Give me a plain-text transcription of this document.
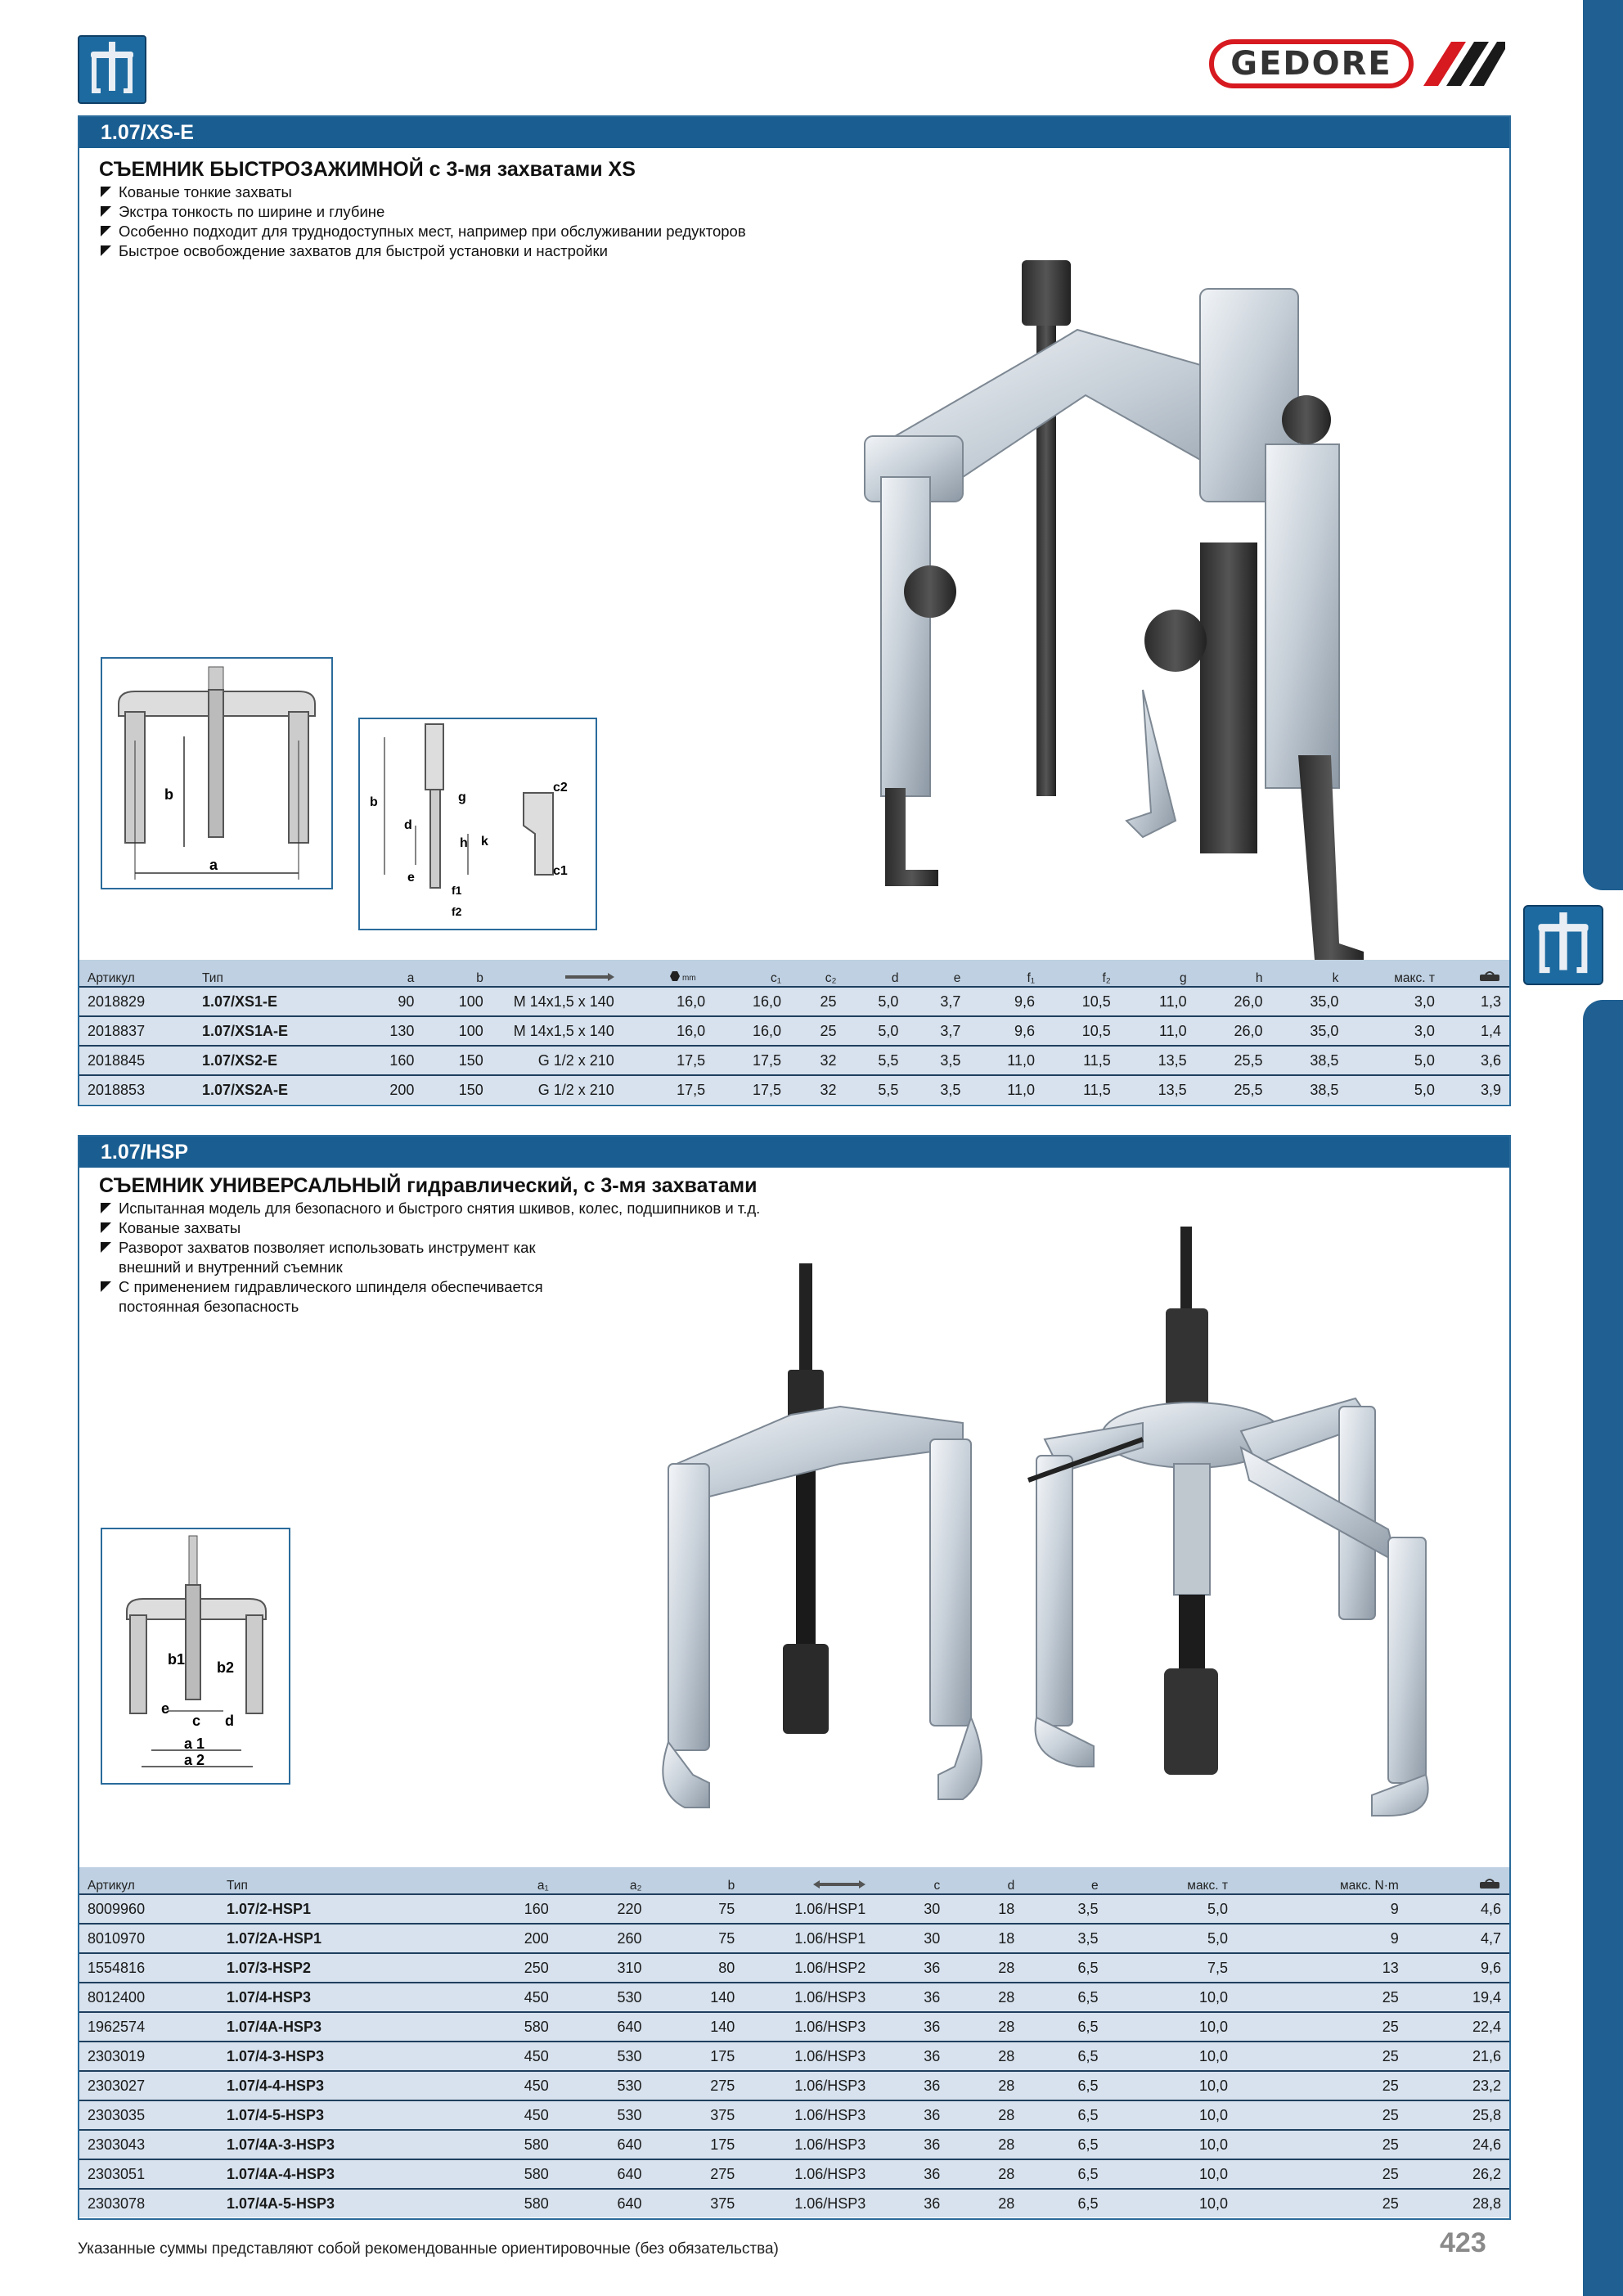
GEDORE
1.07/XS-E
СЪЕМНИК БЫСТРОЗАЖИМНОЙ с 3-мя захватами XS
Кованые тонкие захваты
Экстра тонкость по ширине и глубине
Особенно подходит для труднодоступных мест, например при обслуживании редукторов
Быстрое освобождение захватов для быстрой установки и настройки
a
b	b	g
d
h k
e
f1
f2
c2
c1
Артикул	Тип	a	b		mm	c₁	c₂	d	e	f₁	f₂	g	h	k	макс. т	
2018829	1.07/XS1-E	90	100	M 14x1,5 x 140	16,0	16,0	25	5,0	3,7	9,6	10,5	11,0	26,0	35,0	3,0	1,3
2018837	1.07/XS1A-E	130	100	M 14x1,5 x 140	16,0	16,0	25	5,0	3,7	9,6	10,5	11,0	26,0	35,0	3,0	1,4
2018845	1.07/XS2-E	160	150	G 1/2 x 210	17,5	17,5	32	5,5	3,5	11,0	11,5	13,5	25,5	38,5	5,0	3,6
2018853	1.07/XS2A-E	200	150	G 1/2 x 210	17,5	17,5	32	5,5	3,5	11,0	11,5	13,5	25,5	38,5	5,0	3,9
1.07/HSP
СЪЕМНИК УНИВЕРСАЛЬНЫЙ гидравлический, с 3-мя захватами
Испытанная модель для безопасного и быстрого снятия шкивов, колес, подшипников и т.д.
Кованые захваты
Разворот захватов позволяет использовать инструмент как внешний и внутренний съемник
С применением гидравлического шпинделя обеспечивается постоянная безопасность
b1 b2
e
c d
a 1
a 2
Артикул	Тип	a₁	a₂	b		c	d	e	макс. т	макс. N·m	
8009960	1.07/2-HSP1	160	220	75	1.06/HSP1	30	18	3,5	5,0	9	4,6
8010970	1.07/2A-HSP1	200	260	75	1.06/HSP1	30	18	3,5	5,0	9	4,7
1554816	1.07/3-HSP2	250	310	80	1.06/HSP2	36	28	6,5	7,5	13	9,6
8012400	1.07/4-HSP3	450	530	140	1.06/HSP3	36	28	6,5	10,0	25	19,4
1962574	1.07/4A-HSP3	580	640	140	1.06/HSP3	36	28	6,5	10,0	25	22,4
2303019	1.07/4-3-HSP3	450	530	175	1.06/HSP3	36	28	6,5	10,0	25	21,6
2303027	1.07/4-4-HSP3	450	530	275	1.06/HSP3	36	28	6,5	10,0	25	23,2
2303035	1.07/4-5-HSP3	450	530	375	1.06/HSP3	36	28	6,5	10,0	25	25,8
2303043	1.07/4A-3-HSP3	580	640	175	1.06/HSP3	36	28	6,5	10,0	25	24,6
2303051	1.07/4A-4-HSP3	580	640	275	1.06/HSP3	36	28	6,5	10,0	25	26,2
2303078	1.07/4A-5-HSP3	580	640	375	1.06/HSP3	36	28	6,5	10,0	25	28,8
Указанные суммы представляют собой рекомендованные ориентировочные (без обязательства)	423
